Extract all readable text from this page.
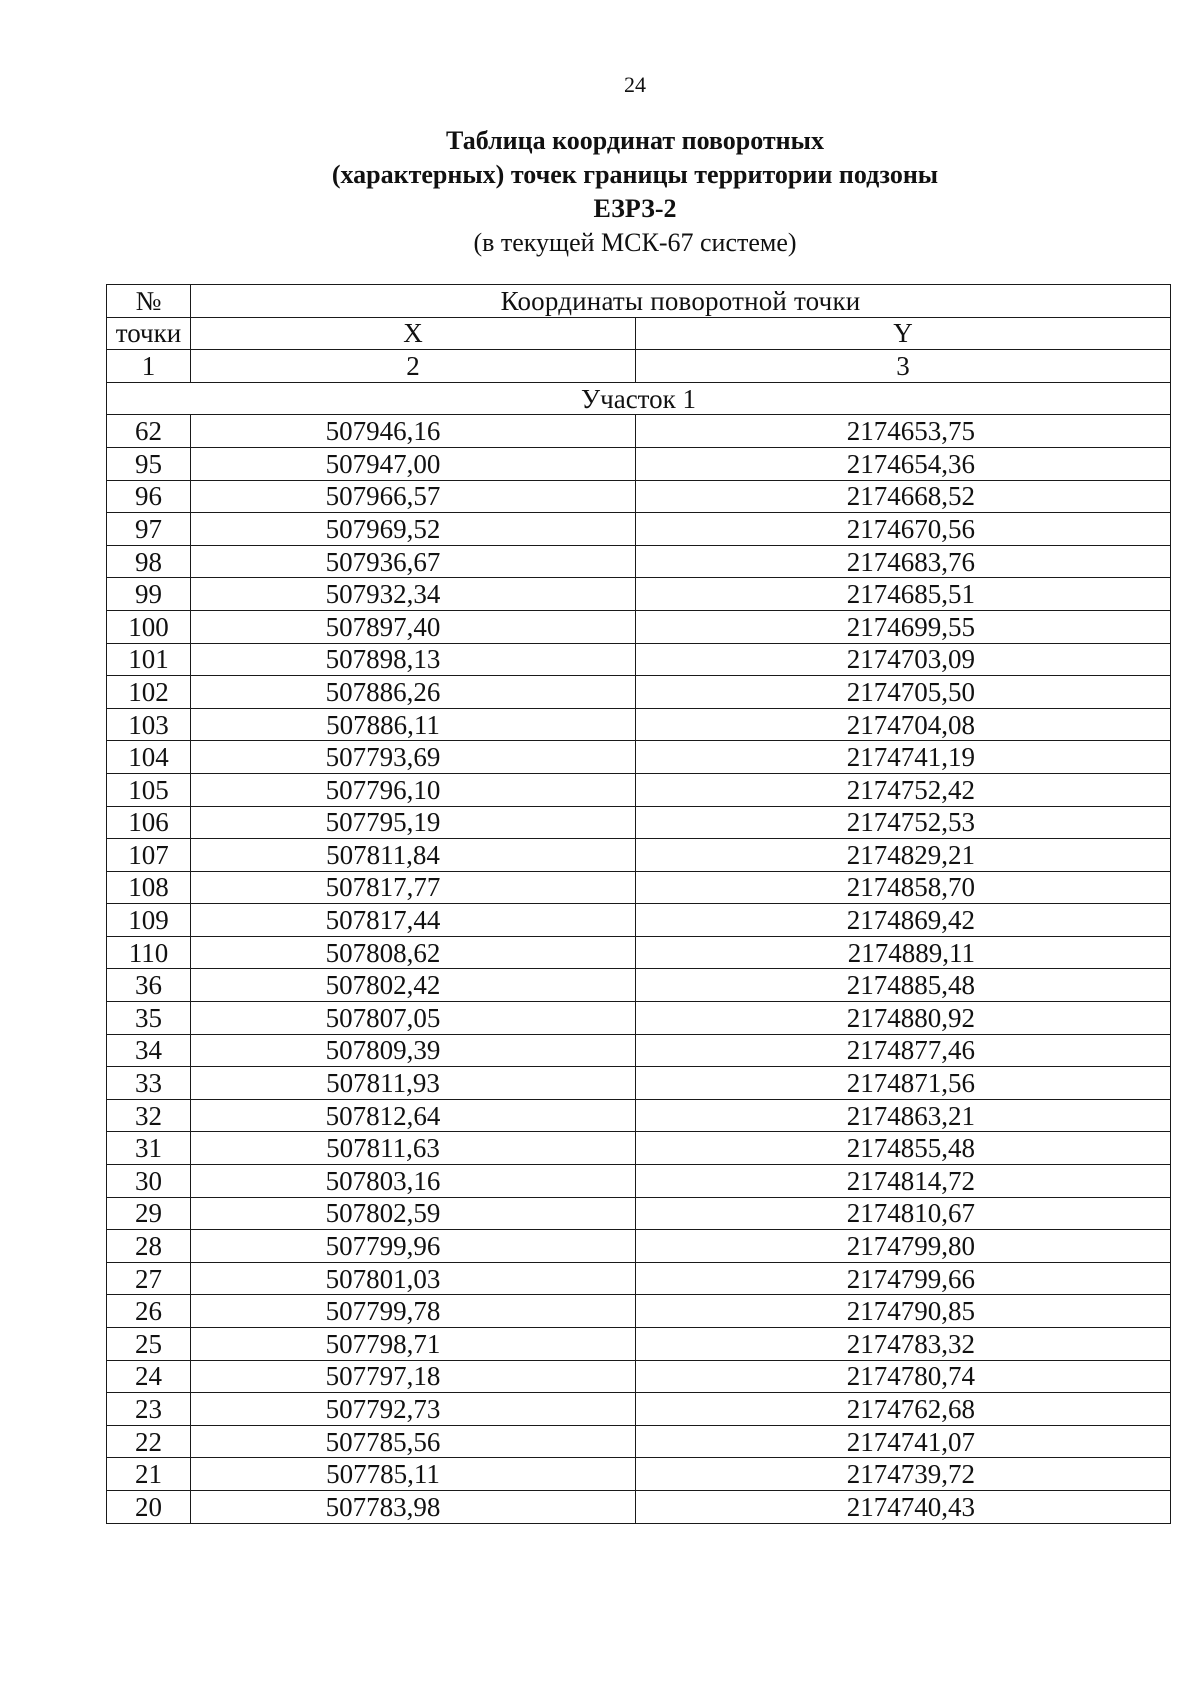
24
Таблица координат поворотных
(характерных) точек границы территории подзоны
ЕЗРЗ-2
(в текущей МСК-67 системе)
№	Координаты поворотной точки	
точки	X	Y
1	2	3
Участок 1		
62	507946,16	2174653,75
95	507947,00	2174654,36
96	507966,57	2174668,52
97	507969,52	2174670,56
98	507936,67	2174683,76
99	507932,34	2174685,51
100	507897,40	2174699,55
101	507898,13	2174703,09
102	507886,26	2174705,50
103	507886,11	2174704,08
104	507793,69	2174741,19
105	507796,10	2174752,42
106	507795,19	2174752,53
107	507811,84	2174829,21
108	507817,77	2174858,70
109	507817,44	2174869,42
110	507808,62	2174889,11
36	507802,42	2174885,48
35	507807,05	2174880,92
34	507809,39	2174877,46
33	507811,93	2174871,56
32	507812,64	2174863,21
31	507811,63	2174855,48
30	507803,16	2174814,72
29	507802,59	2174810,67
28	507799,96	2174799,80
27	507801,03	2174799,66
26	507799,78	2174790,85
25	507798,71	2174783,32
24	507797,18	2174780,74
23	507792,73	2174762,68
22	507785,56	2174741,07
21	507785,11	2174739,72
20	507783,98	2174740,43
